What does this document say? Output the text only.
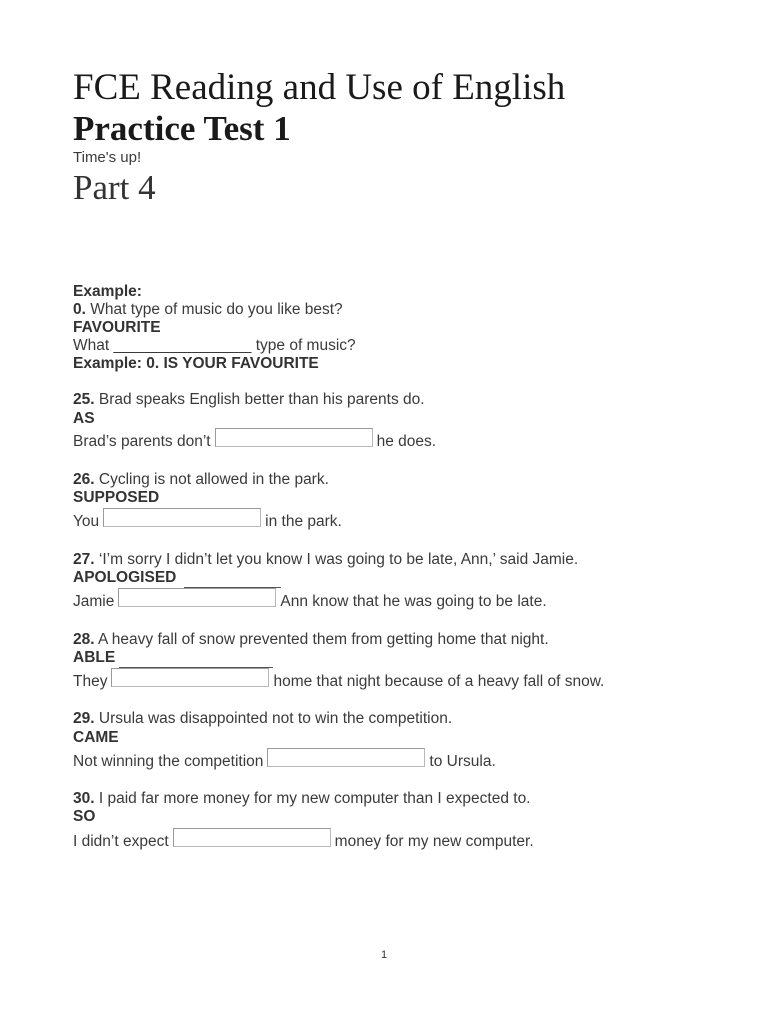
FCE Reading and Use of English
Practice Test 1
Time's up!
Part 4
Example:
0. What type of music do you like best?
FAVOURITE
What ________________ type of music?
Example: 0. IS YOUR FAVOURITE
25. Brad speaks English better than his parents do.
AS
Brad’s parents don’t	he does.
26. Cycling is not allowed in the park.
SUPPOSED
You	in the park.
27. ‘I’m sorry I didn’t let you know I was going to be late, Ann,’ said Jamie.
APOLOGISED
Jamie	Ann know that he was going to be late.
28. A heavy fall of snow prevented them from getting home that night.
ABLE
They	home that night because of a heavy fall of snow.
29. Ursula was disappointed not to win the competition.
CAME
Not winning the competition	to Ursula.
30. I paid far more money for my new computer than I expected to.
SO
I didn’t expect	money for my new computer.
1
